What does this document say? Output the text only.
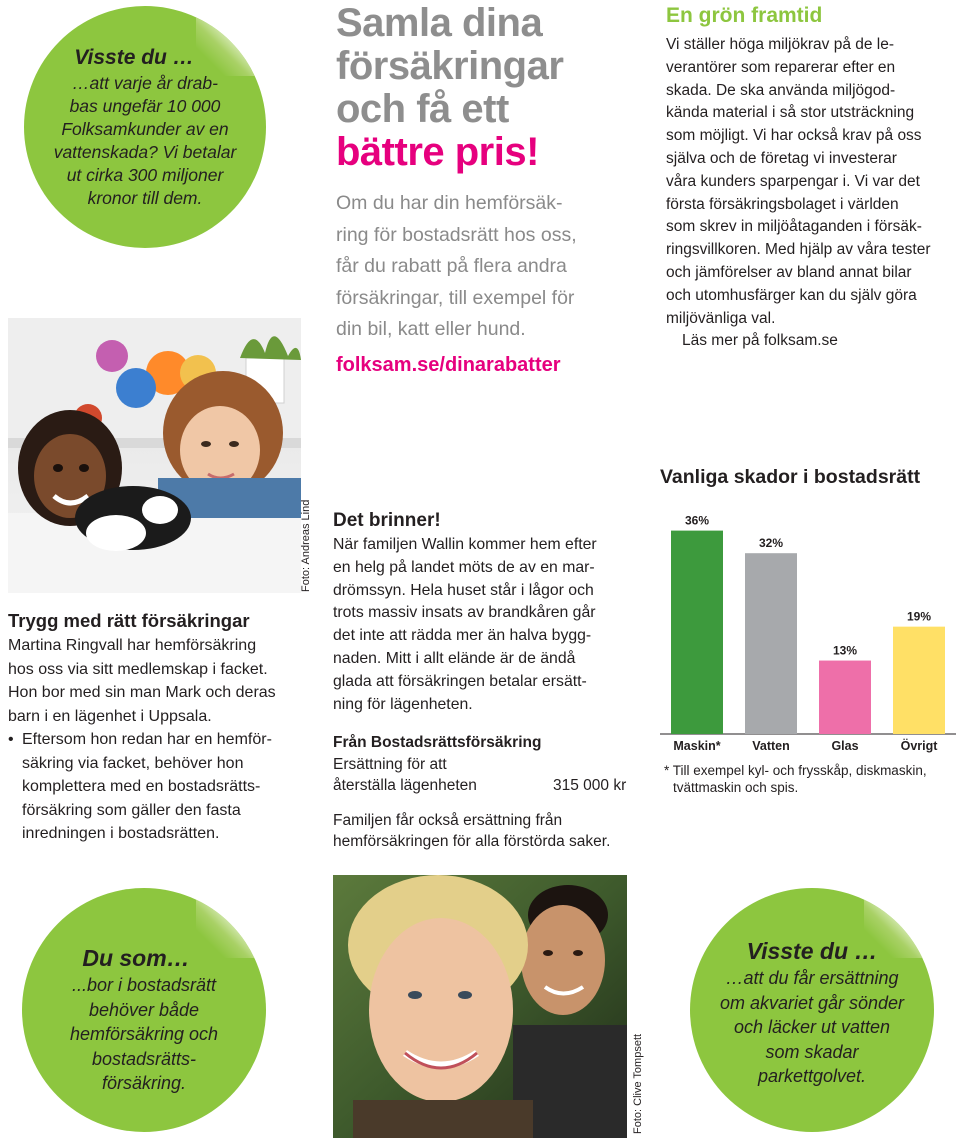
Visste du …
…att varje år drab-
bas ungefär 10 000
Folksamkunder av en
vattenskada? Vi betalar
ut cirka 300 miljoner
kronor till dem.
Foto: Andreas Lind
Samla dina
försäkringar
och få ett
bättre pris!
Om du har din hemförsäk-
ring för bostadsrätt hos oss,
får du rabatt på flera andra
försäkringar, till exempel för
din bil, katt eller hund.
folksam.se/dinarabatter
En grön framtid
Vi ställer höga miljökrav på de le-
verantörer som reparerar efter en
skada. De ska använda miljögod-
kända material i så stor utsträckning
som möjligt. Vi har också krav på oss
själva och de företag vi investerar
våra kunders sparpengar i. Vi var det
första försäkringsbolaget i världen
som skrev in miljöåtaganden i försäk-
ringsvillkoren. Med hjälp av våra tester
och jämförelser av bland annat bilar
och utomhusfärger kan du själv göra
miljövänliga val.
Läs mer på folksam.se
Trygg med rätt försäkringar
Martina Ringvall har hemförsäkring
hos oss via sitt medlemskap i facket.
Hon bor med sin man Mark och deras
barn i en lägenhet i Uppsala.
• Eftersom hon redan har en hemför-
säkring via facket, behöver hon
komplettera med en bostadsrätts-
försäkring som gäller den fasta
inredningen i bostadsrätten.
Det brinner!
När familjen Wallin kommer hem efter
en helg på landet möts de av en mar-
drömssyn. Hela huset står i lågor och
trots massiv insats av brandkåren går
det inte att rädda mer än halva bygg-
naden. Mitt i allt elände är de ändå
glada att försäkringen betalar ersätt-
ning för lägenheten.
Från Bostadsrättsförsäkring
Ersättning för att
återställa lägenheten	315 000 kr
Familjen får också ersättning från
hemförsäkringen för alla förstörda saker.
Vanliga skador i bostadsrätt
36%
Maskin*
32%
Vatten
13%
Glas
19%
Övrigt
* Till exempel kyl- och frysskåp, diskmaskin,
tvättmaskin och spis.
Du som…
...bor i bostadsrätt
behöver både
hemförsäkring och
bostadsrätts-
försäkring.	Foto: Clive Tompsett
Visste du …
…att du får ersättning
om akvariet går sönder
och läcker ut vatten
som skadar
parkettgolvet.
